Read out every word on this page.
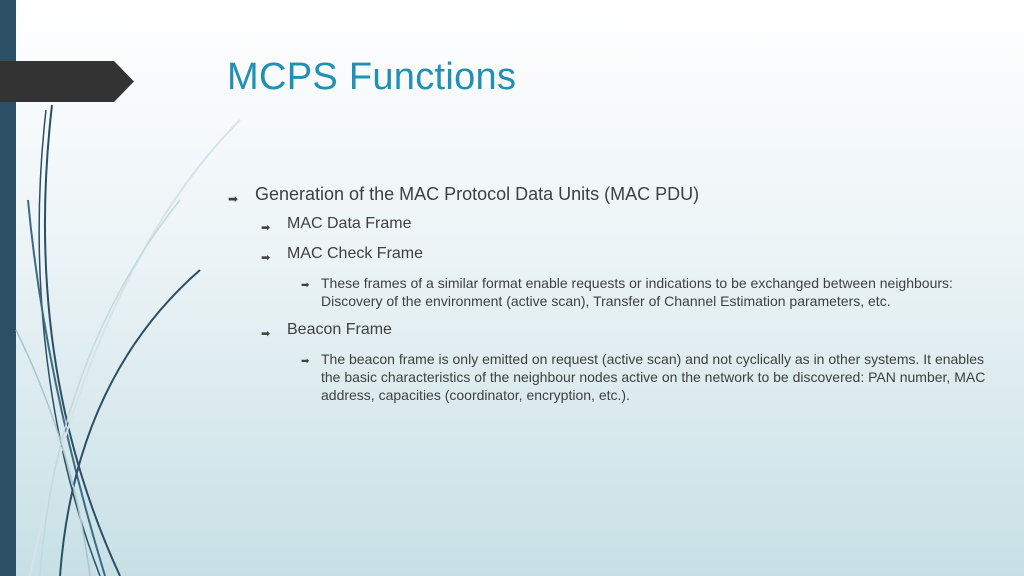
MCPS Functions
➡ Generation of the MAC Protocol Data Units (MAC PDU)
➡ MAC Data Frame
➡ MAC Check Frame
➡ These frames of a similar format enable requests or indications to be exchanged between neighbours: Discovery of the environment (active scan), Transfer of Channel Estimation parameters, etc.
➡ Beacon Frame
➡ The beacon frame is only emitted on request (active scan) and not cyclically as in other systems. It enables the basic characteristics of the neighbour nodes active on the network to be discovered: PAN number, MAC address, capacities (coordinator, encryption, etc.).
